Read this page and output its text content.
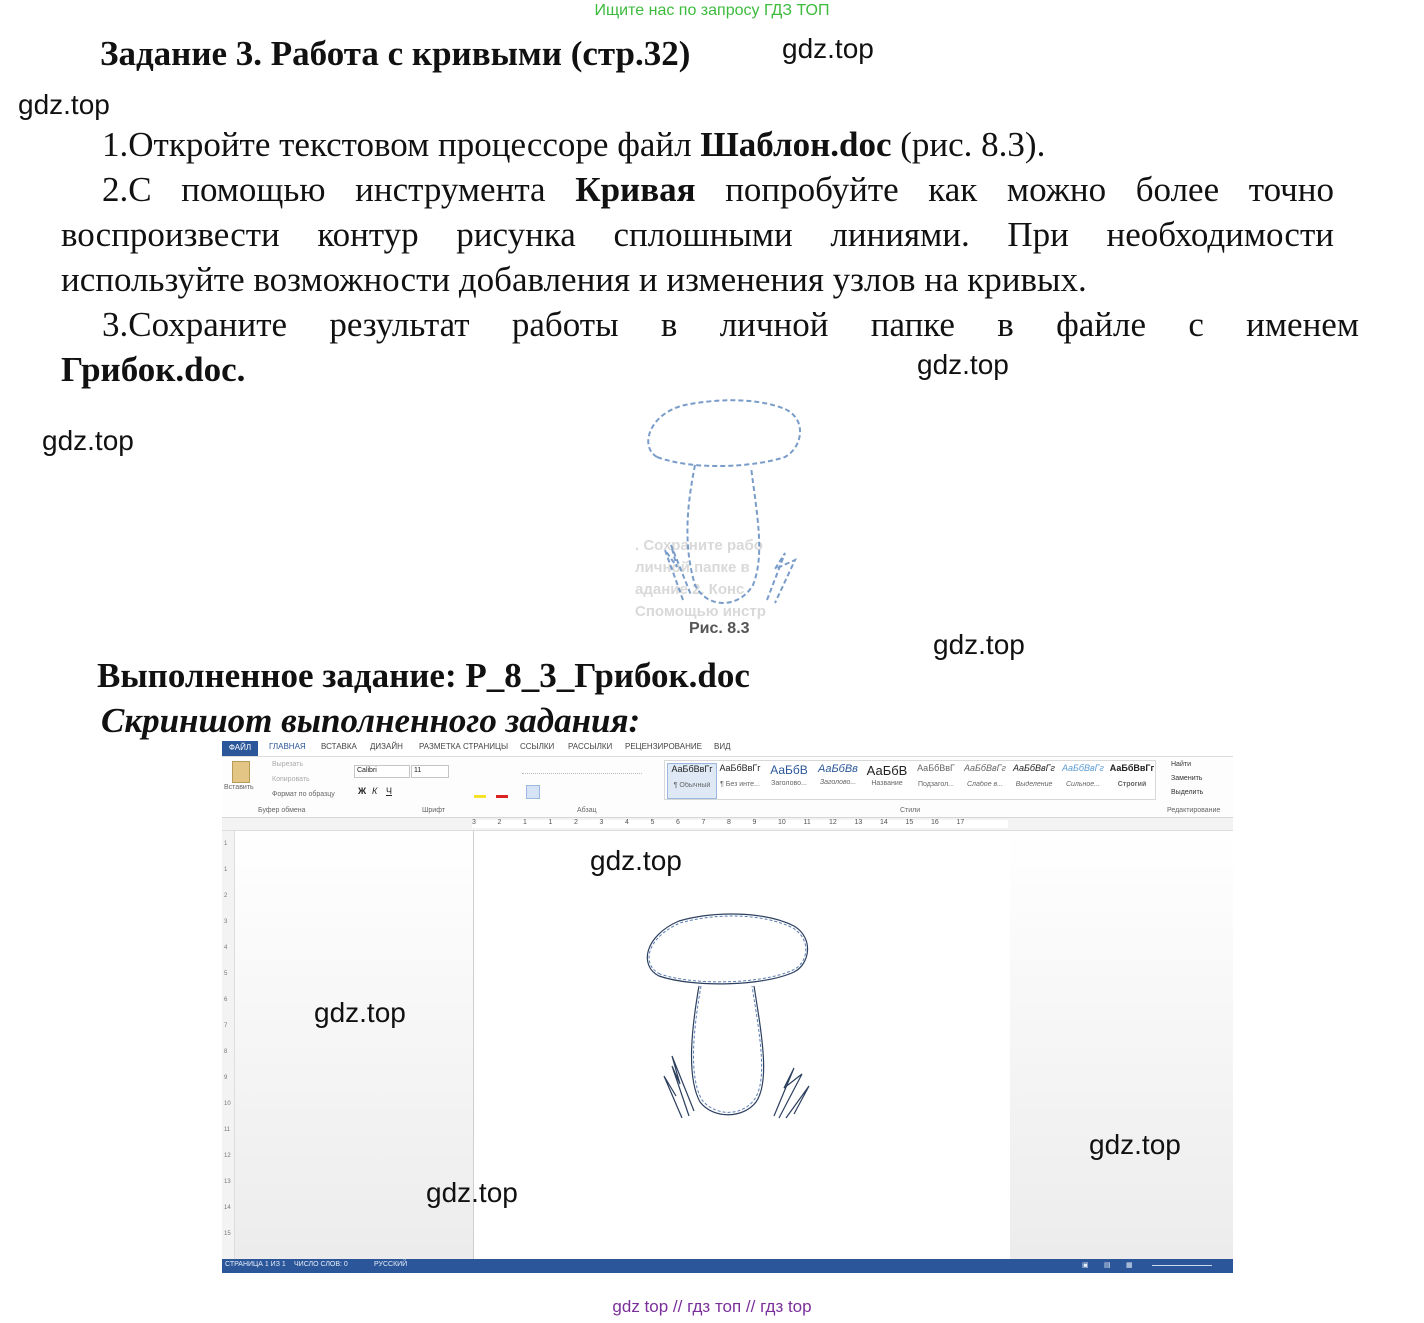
Ищите нас по запросу ГДЗ ТОП
Задание 3. Работа с кривыми (стр.32)
1.Откройте текстовом процессоре файл Шаблон.doc (рис. 8.3).
2.С помощью инструмента Кривая попробуйте как можно более точно
воспроизвести контур рисунка сплошными линиями. При необходимости
используйте возможности добавления и изменения узлов на кривых.
3.Сохраните результат работы в личной папке в файле с именем
Грибок.doc.
. Сохраните рабо
личной папке в
адание 2. Конс
Спомощью инстр
Рис. 8.3
Выполненное задание: Р_8_3_Грибок.doc
Скриншот выполненного задания:
ФАЙЛ	ГЛАВНАЯ ВСТАВКА ДИЗАЙН РАЗМЕТКА СТРАНИЦЫ ССЫЛКИ РАССЫЛКИ РЕЦЕНЗИРОВАНИЕ ВИД
Вставить
Вырезать
Копировать
Формат по образцу
Буфер обмена
Calibri	11
Ж К Ч
Шрифт	Абзац
АаБбВвГг
¶ Обычный
АаБбВвГг
¶ Без инте...
АаБбВ
Заголово...
АаБбВв
Заголово...
АаБбВ
Название
АаБбВвГ
Подзагол...
АаБбВвГг
Слабое в...
АаБбВвГг
Выделение
АаБбВвГг
Сильное...
АаБбВвГг
Строгий
Стили
Найти
Заменить
Выделить
Редактирование
3	2	1	1	2	3	4	5	6	7	8	9	10	11	12	13	14	15	16	17
1
1
2
3
4
5
6
7
8
9
10
11
12
13
14
15
СТРАНИЦА 1 ИЗ 1 ЧИСЛО СЛОВ: 0	РУССКИЙ	▣ ▤ ▦
gdz.top
gdz.top
gdz.top
gdz.top
gdz.top
gdz.top
gdz.top
gdz.top
gdz.top
gdz top // гдз топ // гдз top
